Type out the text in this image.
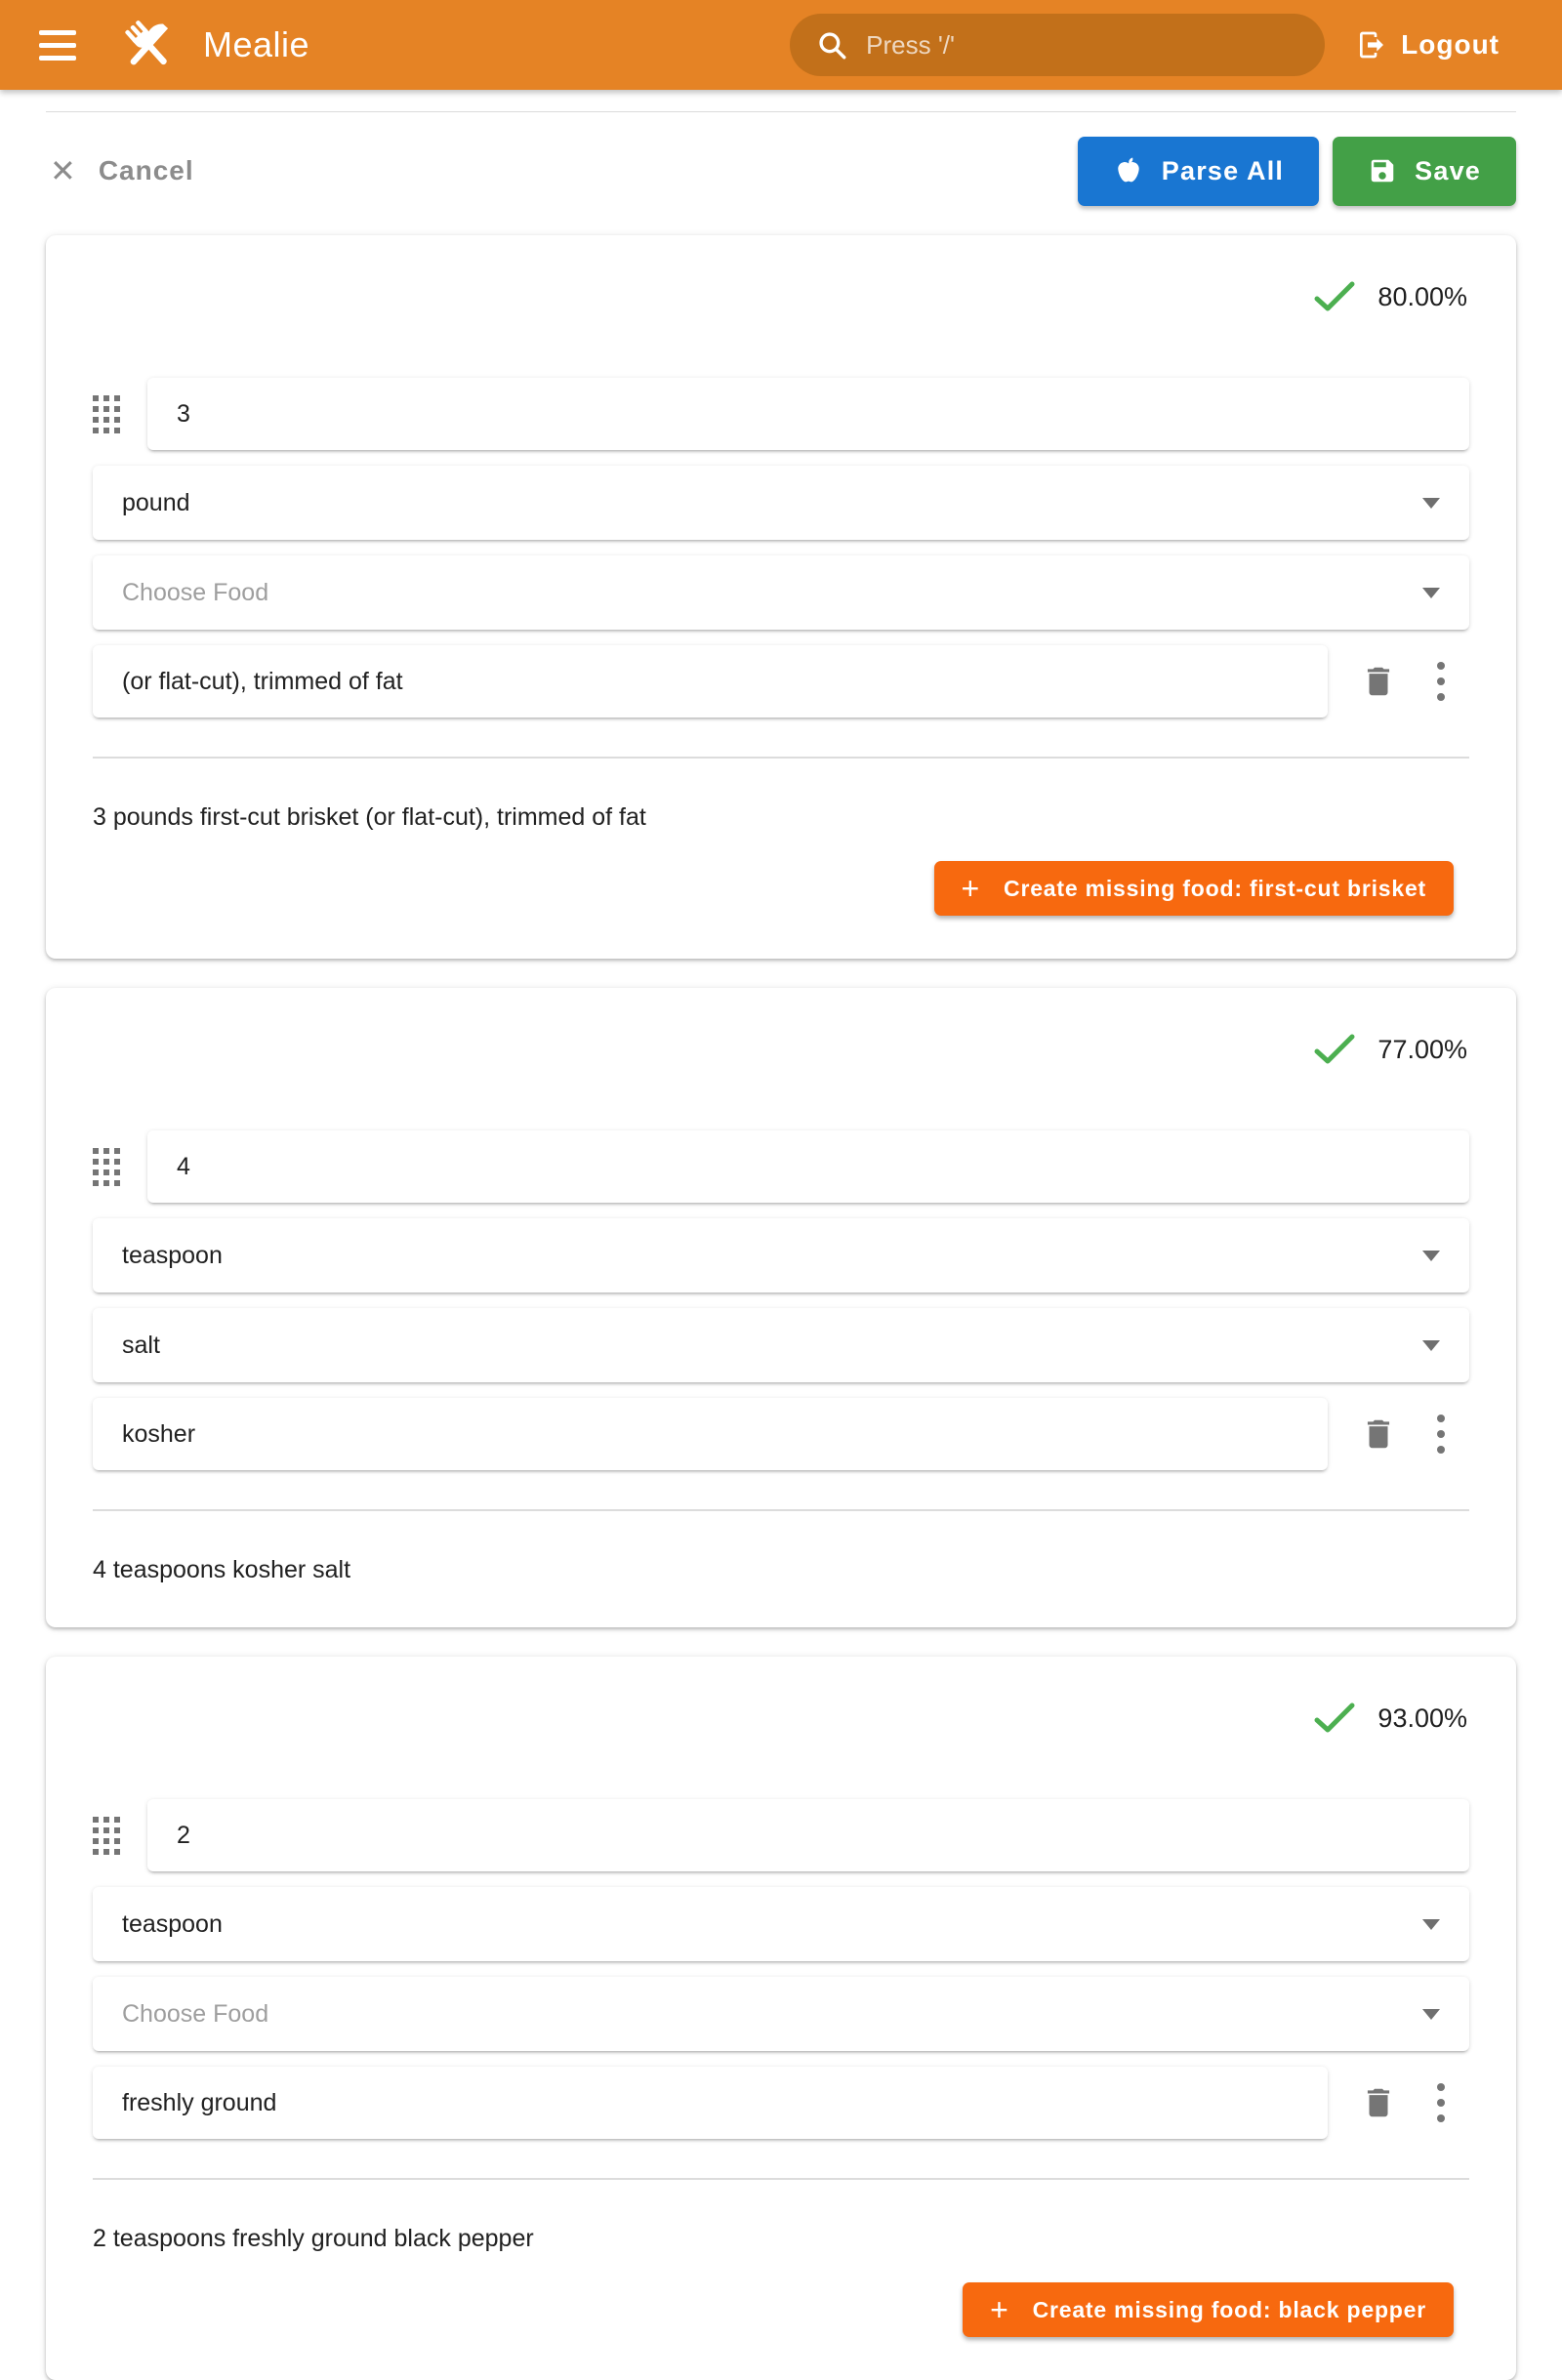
Mealie	Press '/'	Logout
✕ Cancel	Parse All	Save
80.00%
3
pound
Choose Food
(or flat-cut), trimmed of fat

3 pounds first-cut brisket (or flat-cut), trimmed of fat

+ Create missing food: first-cut brisket
77.00%
4
teaspoon
salt
kosher

4 teaspoons kosher salt

93.00%
2
teaspoon
Choose Food
freshly ground

2 teaspoons freshly ground black pepper

+ Create missing food: black pepper
